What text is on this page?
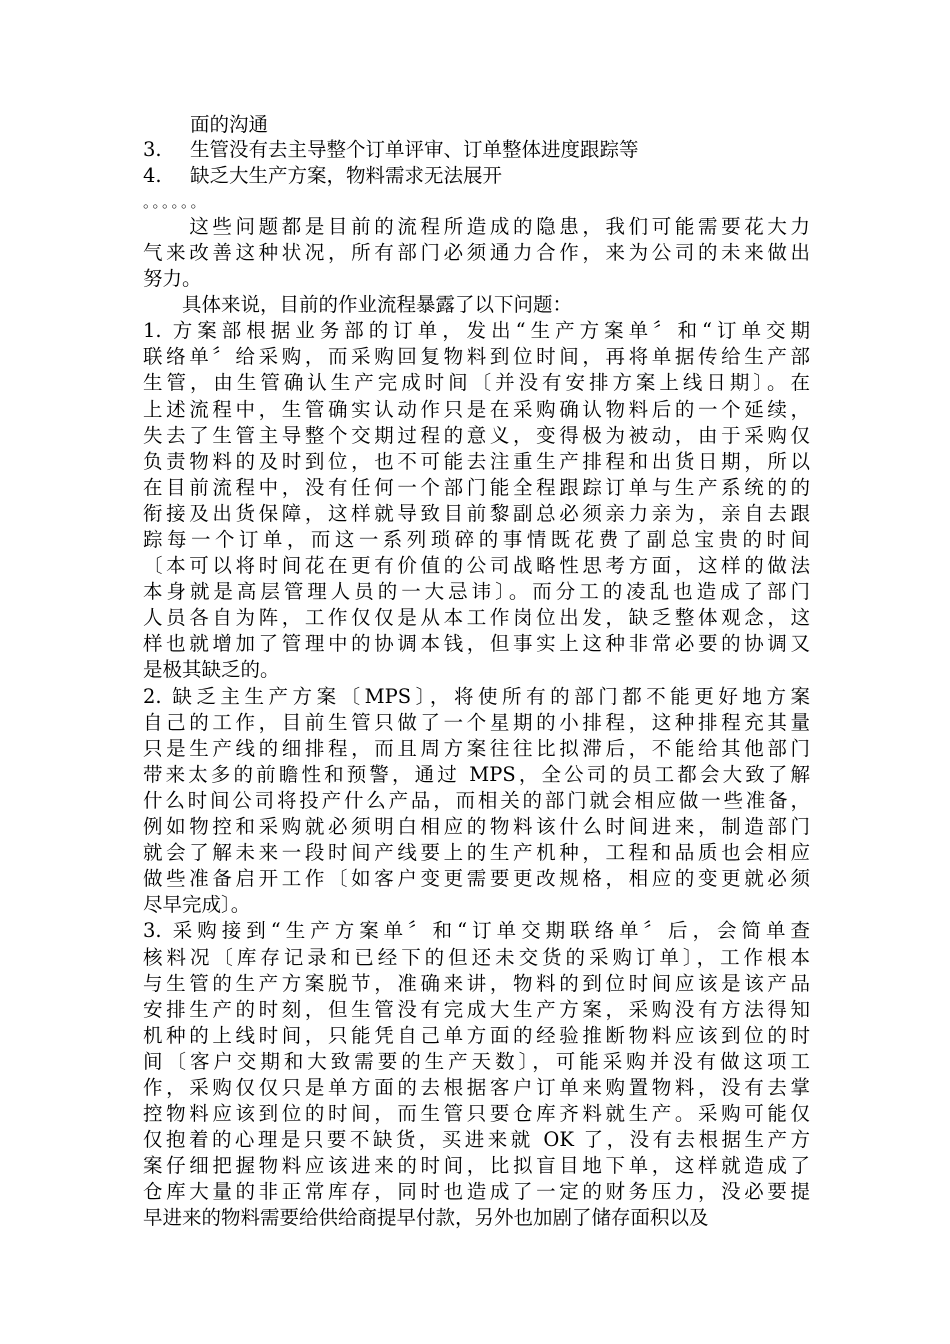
面的沟通
3.	生管没有去主导整个订单评审、订单整体进度跟踪等
4.	缺乏大生产方案，物料需求无法展开
。。。。。。
　　这些问题都是目前的流程所造成的隐患，我们可能需要花大力
气来改善这种状况，所有部门必须通力合作，来为公司的未来做出
努力。
　　具体来说，目前的作业流程暴露了以下问题：
1. 方案部根据业务部的订单，发出“生产方案单〞和“订单交期
联络单〞给采购，而采购回复物料到位时间，再将单据传给生产部
生管，由生管确认生产完成时间〔并没有安排方案上线日期〕。在
上述流程中，生管确实认动作只是在采购确认物料后的一个延续，
失去了生管主导整个交期过程的意义，变得极为被动，由于采购仅
负责物料的及时到位，也不可能去注重生产排程和出货日期，所以
在目前流程中，没有任何一个部门能全程跟踪订单与生产系统的的
衔接及出货保障，这样就导致目前黎副总必须亲力亲为，亲自去跟
踪每一个订单，而这一系列琐碎的事情既花费了副总宝贵的时间
〔本可以将时间花在更有价值的公司战略性思考方面，这样的做法
本身就是高层管理人员的一大忌讳〕。而分工的凌乱也造成了部门
人员各自为阵，工作仅仅是从本工作岗位出发，缺乏整体观念，这
样也就增加了管理中的协调本钱，但事实上这种非常必要的协调又
是极其缺乏的。
2. 缺乏主生产方案〔MPS〕，将使所有的部门都不能更好地方案
自己的工作，目前生管只做了一个星期的小排程，这种排程充其量
只是生产线的细排程，而且周方案往往比拟滞后，不能给其他部门
带来太多的前瞻性和预警，通过 MPS，全公司的员工都会大致了解
什么时间公司将投产什么产品，而相关的部门就会相应做一些准备，
例如物控和采购就必须明白相应的物料该什么时间进来，制造部门
就会了解未来一段时间产线要上的生产机种，工程和品质也会相应
做些准备启开工作〔如客户变更需要更改规格，相应的变更就必须
尽早完成〕。
3. 采购接到“生产方案单〞和“订单交期联络单〞后，会简单查
核料况〔库存记录和已经下的但还未交货的采购订单〕，工作根本
与生管的生产方案脱节，准确来讲，物料的到位时间应该是该产品
安排生产的时刻，但生管没有完成大生产方案，采购没有方法得知
机种的上线时间，只能凭自己单方面的经验推断物料应该到位的时
间〔客户交期和大致需要的生产天数〕，可能采购并没有做这项工
作，采购仅仅只是单方面的去根据客户订单来购置物料，没有去掌
控物料应该到位的时间，而生管只要仓库齐料就生产。采购可能仅
仅抱着的心理是只要不缺货，买进来就 OK 了，没有去根据生产方
案仔细把握物料应该进来的时间，比拟盲目地下单，这样就造成了
仓库大量的非正常库存，同时也造成了一定的财务压力，没必要提
早进来的物料需要给供给商提早付款，另外也加剧了储存面积以及
